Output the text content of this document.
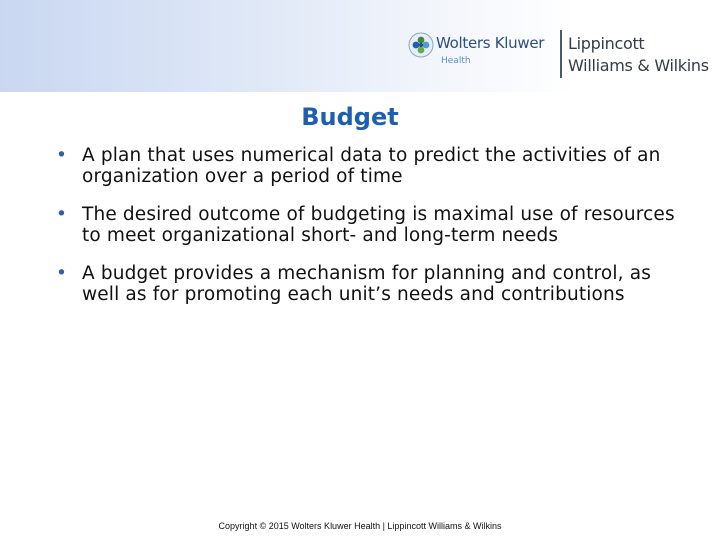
Wolters Kluwer
Health
Lippincott
Williams & Wilkins
Budget
• A plan that uses numerical data to predict the activities of an organization over a period of time
• The desired outcome of budgeting is maximal use of resources to meet organizational short- and long-term needs
• A budget provides a mechanism for planning and control, as well as for promoting each unit’s needs and contributions
Copyright © 2015 Wolters Kluwer Health | Lippincott Williams & Wilkins
